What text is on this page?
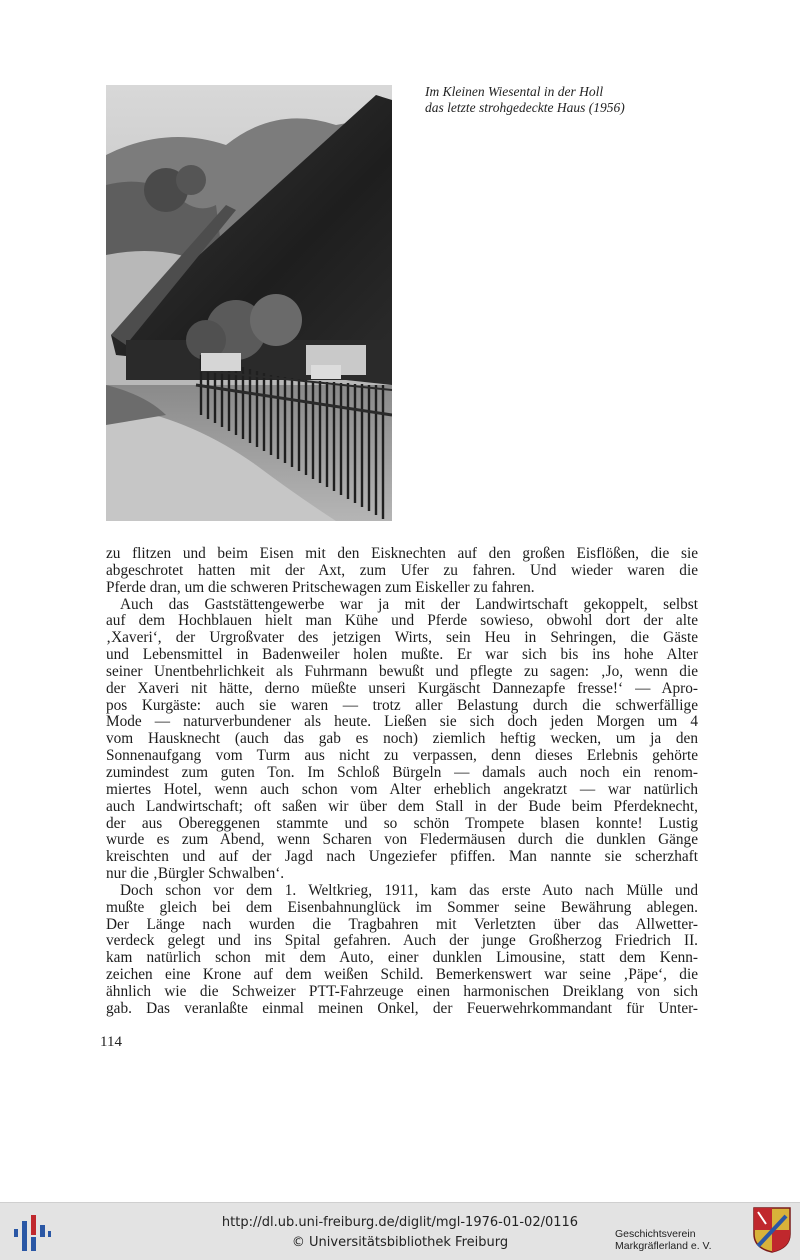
Im Kleinen Wiesental in der Holl
das letzte strohgedeckte Haus (1956)
zu flitzen und beim Eisen mit den Eisknechten auf den großen Eisflößen, die sie
abgeschrotet hatten mit der Axt, zum Ufer zu fahren. Und wieder waren die
Pferde dran, um die schweren Pritschewagen zum Eiskeller zu fahren.
Auch das Gaststättengewerbe war ja mit der Landwirtschaft gekoppelt, selbst
auf dem Hochblauen hielt man Kühe und Pferde sowieso, obwohl dort der alte
‚Xaveri‘, der Urgroßvater des jetzigen Wirts, sein Heu in Sehringen, die Gäste
und Lebensmittel in Badenweiler holen mußte. Er war sich bis ins hohe Alter
seiner Unentbehrlichkeit als Fuhrmann bewußt und pflegte zu sagen: ‚Jo, wenn die
der Xaveri nit hätte, derno müeßte unseri Kurgäscht Dannezapfe fresse!‘ — Apro-
pos Kurgäste: auch sie waren — trotz aller Belastung durch die schwerfällige
Mode — naturverbundener als heute. Ließen sie sich doch jeden Morgen um 4
vom Hausknecht (auch das gab es noch) ziemlich heftig wecken, um ja den
Sonnenaufgang vom Turm aus nicht zu verpassen, denn dieses Erlebnis gehörte
zumindest zum guten Ton. Im Schloß Bürgeln — damals auch noch ein renom-
miertes Hotel, wenn auch schon vom Alter erheblich angekratzt — war natürlich
auch Landwirtschaft; oft saßen wir über dem Stall in der Bude beim Pferdeknecht,
der aus Obereggenen stammte und so schön Trompete blasen konnte! Lustig
wurde es zum Abend, wenn Scharen von Fledermäusen durch die dunklen Gänge
kreischten und auf der Jagd nach Ungeziefer pfiffen. Man nannte sie scherzhaft
nur die ‚Bürgler Schwalben‘.
Doch schon vor dem 1. Weltkrieg, 1911, kam das erste Auto nach Mülle und
mußte gleich bei dem Eisenbahnunglück im Sommer seine Bewährung ablegen.
Der Länge nach wurden die Tragbahren mit Verletzten über das Allwetter-
verdeck gelegt und ins Spital gefahren. Auch der junge Großherzog Friedrich II.
kam natürlich schon mit dem Auto, einer dunklen Limousine, statt dem Kenn-
zeichen eine Krone auf dem weißen Schild. Bemerkenswert war seine ‚Päpe‘, die
ähnlich wie die Schweizer PTT-Fahrzeuge einen harmonischen Dreiklang von sich
gab. Das veranlaßte einmal meinen Onkel, der Feuerwehrkommandant für Unter-
114
http://dl.ub.uni-freiburg.de/diglit/mgl-1976-01-02/0116
© Universitätsbibliothek Freiburg
Geschichtsverein
Markgräflerland e. V.
